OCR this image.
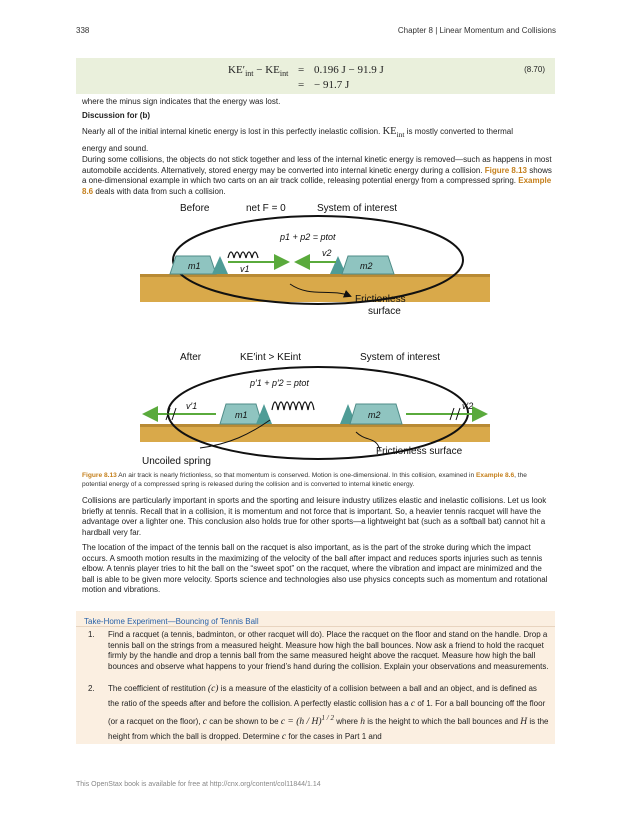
338	Chapter 8 | Linear Momentum and Collisions
$KE'_{int} - KE_{int} = 0.196$ J − 91.9 J
= − 91.7 J
(8.70)

where the minus sign indicates that the energy was lost.

Discussion for (b)

Nearly all of the initial internal kinetic energy is lost in this perfectly inelastic collision. $KE_{int}$ is mostly converted to thermal
energy and sound.

During some collisions, the objects do not stick together and less of the internal kinetic energy is removed—such as happens in most automobile accidents. Alternatively, stored energy may be converted into internal kinetic energy during a collision. Figure 8.13 shows a one-dimensional example in which two carts on an air track collide, releasing potential energy from a compressed spring. Example 8.6 deals with data from such a collision.

Before	net F = 0	System of interest
p1 + p2 = ptot
m1	m2
v1
v2
Frictionless
surface
After	KE′int > KEint	System of interest
p′1 + p′2 = ptot
m1	m2
v′1	v′2
Frictionless surface
Uncoiled spring
Figure 8.13 An air track is nearly frictionless, so that momentum is conserved. Motion is one-dimensional. In this collision, examined in Example 8.6, the potential energy of a compressed spring is released during the collision and is converted to internal kinetic energy.

Collisions are particularly important in sports and the sporting and leisure industry utilizes elastic and inelastic collisions. Let us look briefly at tennis. Recall that in a collision, it is momentum and not force that is important. So, a heavier tennis racquet will have the advantage over a lighter one. This conclusion also holds true for other sports—a lightweight bat (such as a softball bat) cannot hit a hardball very far.

The location of the impact of the tennis ball on the racquet is also important, as is the part of the stroke during which the impact occurs. A smooth motion results in the maximizing of the velocity of the ball after impact and reduces sports injuries such as tennis elbow. A tennis player tries to hit the ball on the “sweet spot” on the racquet, where the vibration and impact are minimized and the ball is able to be given more velocity. Sports science and technologies also use physics concepts such as momentum and rotational motion and vibrations.

Take-Home Experiment—Bouncing of Tennis Ball
1. Find a racquet (a tennis, badminton, or other racquet will do). Place the racquet on the floor and stand on the handle. Drop a tennis ball on the strings from a measured height. Measure how high the ball bounces. Now ask a friend to hold the racquet firmly by the handle and drop a tennis ball from the same measured height above the racquet. Measure how high the ball bounces and observe what happens to your friend’s hand during the collision. Explain your observations and measurements.
2. The coefficient of restitution (c) is a measure of the elasticity of a collision between a ball and an object, and is defined as the ratio of the speeds after and before the collision. A perfectly elastic collision has a c of 1. For a ball bouncing off the floor (or a racquet on the floor), c can be shown to be c = (h / H)$^{1 / 2}$ where h is the height to which the ball bounces and H is the height from which the ball is dropped. Determine c for the cases in Part 1 and
This OpenStax book is available for free at http://cnx.org/content/col11844/1.14
